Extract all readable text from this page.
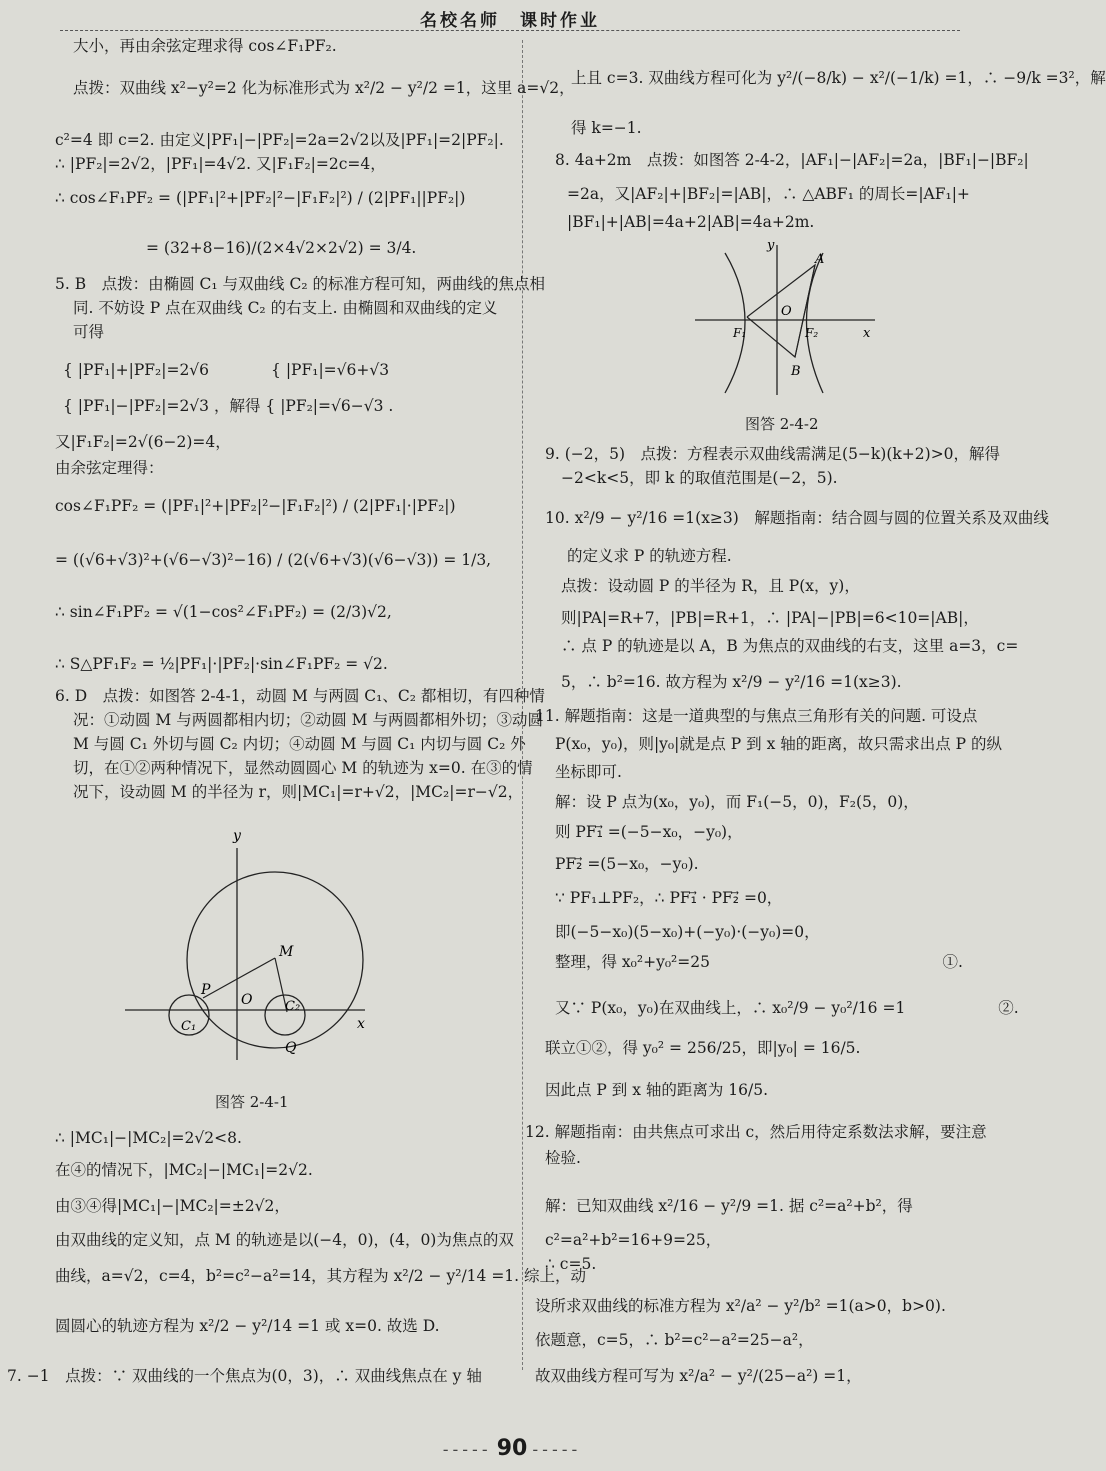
名校名师　课时作业
大小，再由余弦定理求得 cos∠F₁PF₂.
点拨：双曲线 x²−y²=2 化为标准形式为 x²/2 − y²/2 =1，这里 a=√2，
c²=4 即 c=2. 由定义|PF₁|−|PF₂|=2a=2√2以及|PF₁|=2|PF₂|.
∴ |PF₂|=2√2，|PF₁|=4√2. 又|F₁F₂|=2c=4，
∴ cos∠F₁PF₂ = (|PF₁|²+|PF₂|²−|F₁F₂|²) / (2|PF₁||PF₂|)
　　= (32+8−16)/(2×4√2×2√2) = 3/4.
5. B　点拨：由椭圆 C₁ 与双曲线 C₂ 的标准方程可知，两曲线的焦点相
同. 不妨设 P 点在双曲线 C₂ 的右支上. 由椭圆和双曲线的定义
可得
{ |PF₁|+|PF₂|=2√6　　　　{ |PF₁|=√6+√3
{ |PF₁|−|PF₂|=2√3 ，解得 { |PF₂|=√6−√3 .
又|F₁F₂|=2√(6−2)=4，
由余弦定理得：
cos∠F₁PF₂ = (|PF₁|²+|PF₂|²−|F₁F₂|²) / (2|PF₁|·|PF₂|)
= ((√6+√3)²+(√6−√3)²−16) / (2(√6+√3)(√6−√3)) = 1/3,
∴ sin∠F₁PF₂ = √(1−cos²∠F₁PF₂) = (2/3)√2,
∴ S△PF₁F₂ = ½|PF₁|·|PF₂|·sin∠F₁PF₂ = √2.
6. D　点拨：如图答 2-4-1，动圆 M 与两圆 C₁、C₂ 都相切，有四种情
况：①动圆 M 与两圆都相内切；②动圆 M 与两圆都相外切；③动圆
M 与圆 C₁ 外切与圆 C₂ 内切；④动圆 M 与圆 C₁ 内切与圆 C₂ 外
切，在①②两种情况下，显然动圆圆心 M 的轨迹为 x=0. 在③的情
况下，设动圆 M 的半径为 r，则|MC₁|=r+√2，|MC₂|=r−√2，
y
x
M
P
O
C₁
C₂
Q
图答 2-4-1
∴ |MC₁|−|MC₂|=2√2<8.
在④的情况下，|MC₂|−|MC₁|=2√2.
由③④得|MC₁|−|MC₂|=±2√2，
由双曲线的定义知，点 M 的轨迹是以(−4，0)，(4，0)为焦点的双
曲线，a=√2，c=4，b²=c²−a²=14，其方程为 x²/2 − y²/14 =1. 综上，动
圆圆心的轨迹方程为 x²/2 − y²/14 =1 或 x=0. 故选 D.
7. −1　点拨：∵ 双曲线的一个焦点为(0，3)，∴ 双曲线焦点在 y 轴
上且 c=3. 双曲线方程可化为 y²/(−8/k) − x²/(−1/k) =1，∴ −9/k =3²，解
得 k=−1.
8. 4a+2m　点拨：如图答 2-4-2，|AF₁|−|AF₂|=2a，|BF₁|−|BF₂|
=2a，又|AF₂|+|BF₂|=|AB|，∴ △ABF₁ 的周长=|AF₁|+
|BF₁|+|AB|=4a+2|AB|=4a+2m.
y
x
A
B
O
F₁	F₂
图答 2-4-2
9. (−2，5)　点拨：方程表示双曲线需满足(5−k)(k+2)>0，解得
−2<k<5，即 k 的取值范围是(−2，5).
10. x²/9 − y²/16 =1(x≥3)　解题指南：结合圆与圆的位置关系及双曲线
的定义求 P 的轨迹方程.
点拨：设动圆 P 的半径为 R，且 P(x，y)，
则|PA|=R+7，|PB|=R+1，∴ |PA|−|PB|=6<10=|AB|，
∴ 点 P 的轨迹是以 A，B 为焦点的双曲线的右支，这里 a=3，c=
5，∴ b²=16. 故方程为 x²/9 − y²/16 =1(x≥3).
11. 解题指南：这是一道典型的与焦点三角形有关的问题. 可设点
P(x₀，y₀)，则|y₀|就是点 P 到 x 轴的距离，故只需求出点 P 的纵
坐标即可.
解：设 P 点为(x₀，y₀)，而 F₁(−5，0)，F₂(5，0)，
则 PF₁⃗ =(−5−x₀，−y₀)，
PF₂⃗ =(5−x₀，−y₀).
∵ PF₁⊥PF₂，∴ PF₁⃗ · PF₂⃗ =0，
即(−5−x₀)(5−x₀)+(−y₀)·(−y₀)=0，
整理，得 x₀²+y₀²=25　　　　　　　　　　　　　　　①.
又∵ P(x₀，y₀)在双曲线上，∴ x₀²/9 − y₀²/16 =1　　　　　　②.
联立①②，得 y₀² = 256/25，即|y₀| = 16/5.
因此点 P 到 x 轴的距离为 16/5.
12. 解题指南：由共焦点可求出 c，然后用待定系数法求解，要注意
检验.
解：已知双曲线 x²/16 − y²/9 =1. 据 c²=a²+b²，得
c²=a²+b²=16+9=25，
∴ c=5.
设所求双曲线的标准方程为 x²/a² − y²/b² =1(a>0，b>0).
依题意，c=5，∴ b²=c²−a²=25−a²，
故双曲线方程可写为 x²/a² − y²/(25−a²) =1，
----- 90 -----
